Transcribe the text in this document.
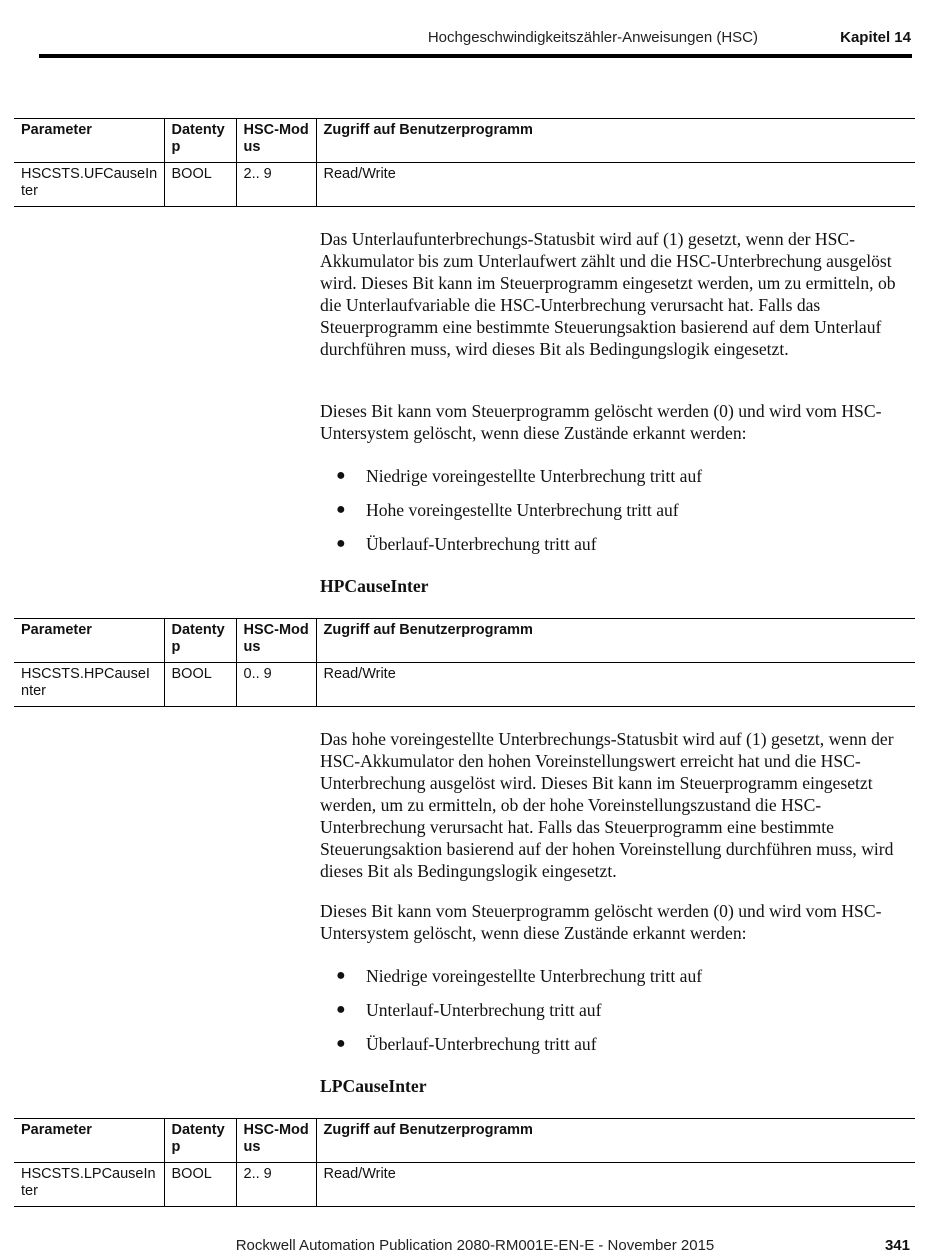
Hochgeschwindigkeitszähler-Anweisungen (HSC)	Kapitel 14
Parameter	Datentyp	HSC-Modus	Zugriff auf Benutzerprogramm
HSCSTS.UFCauseInter	BOOL	2.. 9	Read/Write

Das Unterlaufunterbrechungs-Statusbit wird auf (1) gesetzt, wenn der HSC-Akkumulator bis zum Unterlaufwert zählt und die HSC-Unterbrechung ausgelöst wird. Dieses Bit kann im Steuerprogramm eingesetzt werden, um zu ermitteln, ob die Unterlaufvariable die HSC-Unterbrechung verursacht hat. Falls das Steuerprogramm eine bestimmte Steuerungsaktion basierend auf dem Unterlauf durchführen muss, wird dieses Bit als Bedingungslogik eingesetzt.

Dieses Bit kann vom Steuerprogramm gelöscht werden (0) und wird vom HSC-Untersystem gelöscht, wenn diese Zustände erkannt werden:

● Niedrige voreingestellte Unterbrechung tritt auf
● Hohe voreingestellte Unterbrechung tritt auf
● Überlauf-Unterbrechung tritt auf
HPCauseInter
Parameter	Datentyp	HSC-Modus	Zugriff auf Benutzerprogramm
HSCSTS.HPCauseInter	BOOL	0.. 9	Read/Write

Das hohe voreingestellte Unterbrechungs-Statusbit wird auf (1) gesetzt, wenn der HSC-Akkumulator den hohen Voreinstellungswert erreicht hat und die HSC-Unterbrechung ausgelöst wird. Dieses Bit kann im Steuerprogramm eingesetzt werden, um zu ermitteln, ob der hohe Voreinstellungszustand die HSC-Unterbrechung verursacht hat. Falls das Steuerprogramm eine bestimmte Steuerungsaktion basierend auf der hohen Voreinstellung durchführen muss, wird dieses Bit als Bedingungslogik eingesetzt.

Dieses Bit kann vom Steuerprogramm gelöscht werden (0) und wird vom HSC-Untersystem gelöscht, wenn diese Zustände erkannt werden:

● Niedrige voreingestellte Unterbrechung tritt auf
● Unterlauf-Unterbrechung tritt auf
● Überlauf-Unterbrechung tritt auf
LPCauseInter
Parameter	Datentyp	HSC-Modus	Zugriff auf Benutzerprogramm
HSCSTS.LPCauseInter	BOOL	2.. 9	Read/Write
Rockwell Automation Publication 2080-RM001E-EN-E - November 2015	341
